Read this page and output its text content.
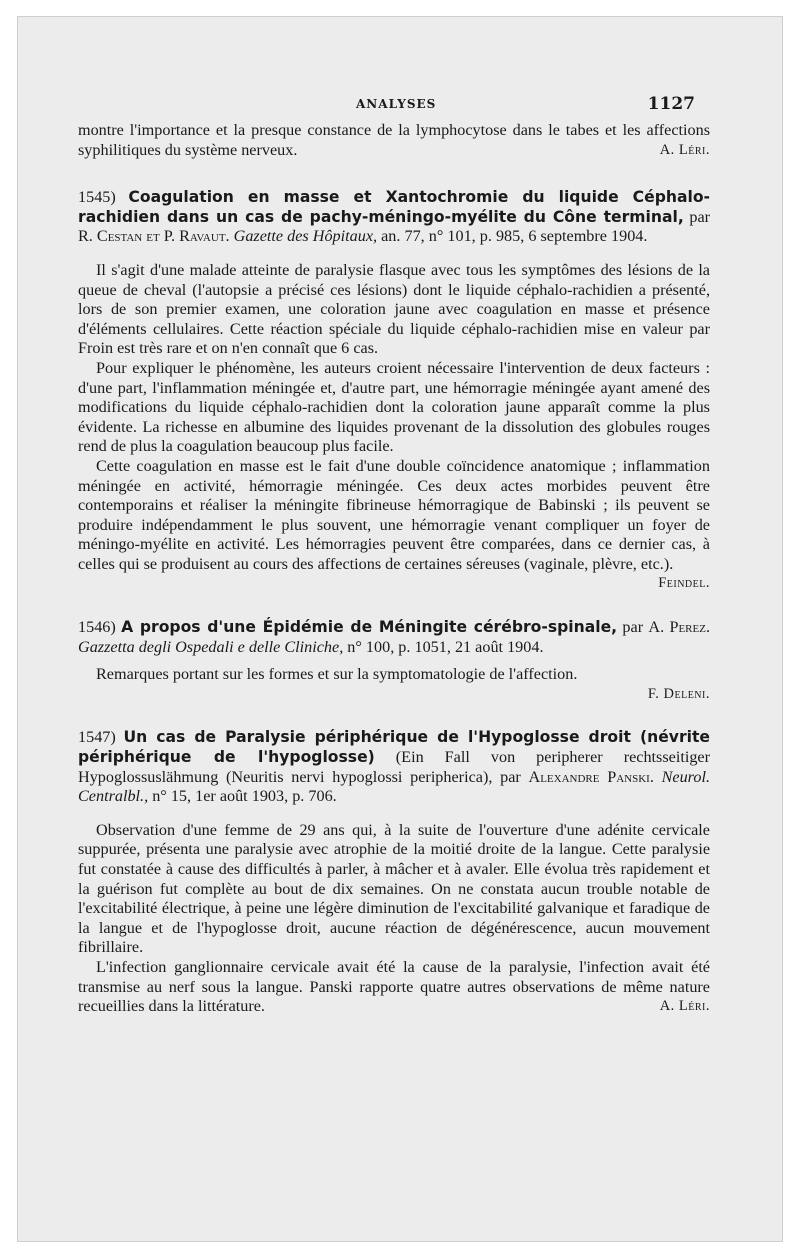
ANALYSES	1127

montre l'importance et la presque constance de la lymphocytose dans le tabes et les affections syphilitiques du système nerveux.	A. Léri.

1545) Coagulation en masse et Xantochromie du liquide Céphalo-rachidien dans un cas de pachy-méningo-myélite du Cône terminal, par R. Cestan et P. Ravaut. Gazette des Hôpitaux, an. 77, n° 101, p. 985, 6 septembre 1904.

Il s'agit d'une malade atteinte de paralysie flasque avec tous les symptômes des lésions de la queue de cheval (l'autopsie a précisé ces lésions) dont le liquide céphalo-rachidien a présenté, lors de son premier examen, une coloration jaune avec coagulation en masse et présence d'éléments cellulaires. Cette réaction spéciale du liquide céphalo-rachidien mise en valeur par Froin est très rare et on n'en connaît que 6 cas.

Pour expliquer le phénomène, les auteurs croient nécessaire l'intervention de deux facteurs : d'une part, l'inflammation méningée et, d'autre part, une hémorragie méningée ayant amené des modifications du liquide céphalo-rachidien dont la coloration jaune apparaît comme la plus évidente. La richesse en albumine des liquides provenant de la dissolution des globules rouges rend de plus la coagulation beaucoup plus facile.

Cette coagulation en masse est le fait d'une double coïncidence anatomique ; inflammation méningée en activité, hémorragie méningée. Ces deux actes morbides peuvent être contemporains et réaliser la méningite fibrineuse hémorragique de Babinski ; ils peuvent se produire indépendamment le plus souvent, une hémorragie venant compliquer un foyer de méningo-myélite en activité. Les hémorragies peuvent être comparées, dans ce dernier cas, à celles qui se produisent au cours des affections de certaines séreuses (vaginale, plèvre, etc.).

Feindel.

1546) A propos d'une Épidémie de Méningite cérébro-spinale, par A. Perez. Gazzetta degli Ospedali e delle Cliniche, n° 100, p. 1051, 21 août 1904.

Remarques portant sur les formes et sur la symptomatologie de l'affection.

F. Deleni.

1547) Un cas de Paralysie périphérique de l'Hypoglosse droit (névrite périphérique de l'hypoglosse) (Ein Fall von peripherer rechtsseitiger Hypoglossuslähmung (Neuritis nervi hypoglossi peripherica), par Alexandre Panski. Neurol. Centralbl., n° 15, 1er août 1903, p. 706.

Observation d'une femme de 29 ans qui, à la suite de l'ouverture d'une adénite cervicale suppurée, présenta une paralysie avec atrophie de la moitié droite de la langue. Cette paralysie fut constatée à cause des difficultés à parler, à mâcher et à avaler. Elle évolua très rapidement et la guérison fut complète au bout de dix semaines. On ne constata aucun trouble notable de l'excitabilité électrique, à peine une légère diminution de l'excitabilité galvanique et faradique de la langue et de l'hypoglosse droit, aucune réaction de dégénérescence, aucun mouvement fibrillaire.

L'infection ganglionnaire cervicale avait été la cause de la paralysie, l'infection avait été transmise au nerf sous la langue. Panski rapporte quatre autres observations de même nature recueillies dans la littérature.	A. Léri.
